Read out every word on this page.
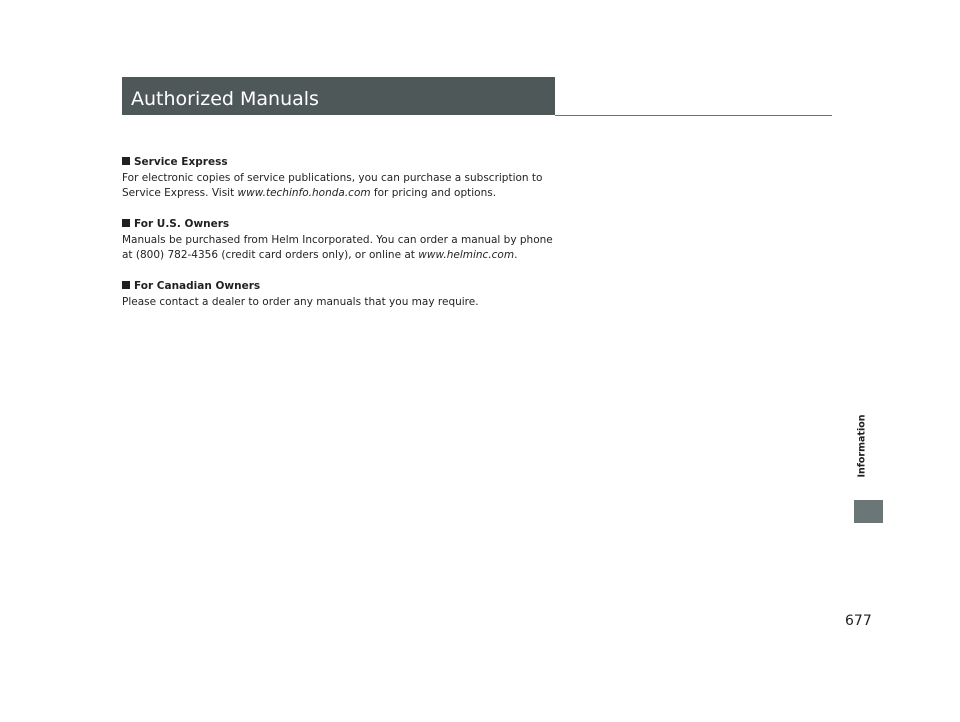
Authorized Manuals
Service Express
For electronic copies of service publications, you can purchase a subscription to
Service Express. Visit www.techinfo.honda.com for pricing and options.
For U.S. Owners
Manuals be purchased from Helm Incorporated. You can order a manual by phone
at (800) 782-4356 (credit card orders only), or online at www.helminc.com.
For Canadian Owners
Please contact a dealer to order any manuals that you may require.
Information
677
